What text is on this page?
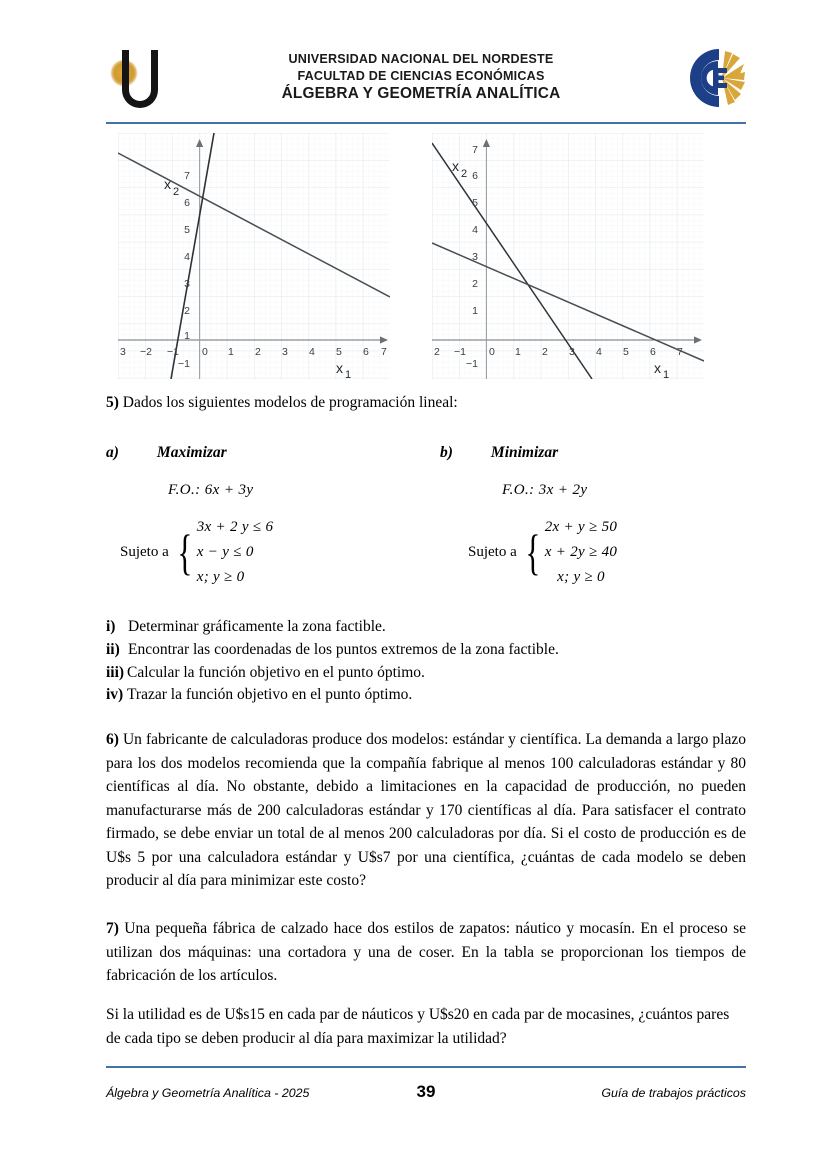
UNIVERSIDAD NACIONAL DEL NORDESTE
FACULTAD DE CIENCIAS ECONÓMICAS
ÁLGEBRA Y GEOMETRÍA ANALÍTICA
7
6
5
4
3
2
1
−1
3 −2 −1 0 1 2 3 4 5 6 7
x 2
x 1
7
6
5
4
3
2
1
−1
2 −1 0 1 2 3 4 5 6 7
x 2
x 1

5) Dados los siguientes modelos de programación lineal:

a) Maximizar
F.O.: 6x + 3y
Sujeto a { 3x + 2 y ≤ 6
x − y ≤ 0
x; y ≥ 0
b) Minimizar
F.O.: 3x + 2y
Sujeto a { 2x + y ≥ 50
x + 2y ≥ 40
x; y ≥ 0
i) Determinar gráficamente la zona factible.
ii) Encontrar las coordenadas de los puntos extremos de la zona factible.
iii) Calcular la función objetivo en el punto óptimo.
iv) Trazar la función objetivo en el punto óptimo.

6) Un fabricante de calculadoras produce dos modelos: estándar y científica. La demanda a largo plazo para los dos modelos recomienda que la compañía fabrique al menos 100 calculadoras estándar y 80 científicas al día. No obstante, debido a limitaciones en la capacidad de producción, no pueden manufacturarse más de 200 calculadoras estándar y 170 científicas al día. Para satisfacer el contrato firmado, se debe enviar un total de al menos 200 calculadoras por día. Si el costo de producción es de U$s 5 por una calculadora estándar y U$s7 por una científica, ¿cuántas de cada modelo se deben producir al día para minimizar este costo?

7) Una pequeña fábrica de calzado hace dos estilos de zapatos: náutico y mocasín. En el proceso se utilizan dos máquinas: una cortadora y una de coser. En la tabla se proporcionan los tiempos de fabricación de los artículos.

Si la utilidad es de U$s15 en cada par de náuticos y U$s20 en cada par de mocasines, ¿cuántos pares de cada tipo se deben producir al día para maximizar la utilidad?

Álgebra y Geometría Analítica - 2025	39	Guía de trabajos prácticos
